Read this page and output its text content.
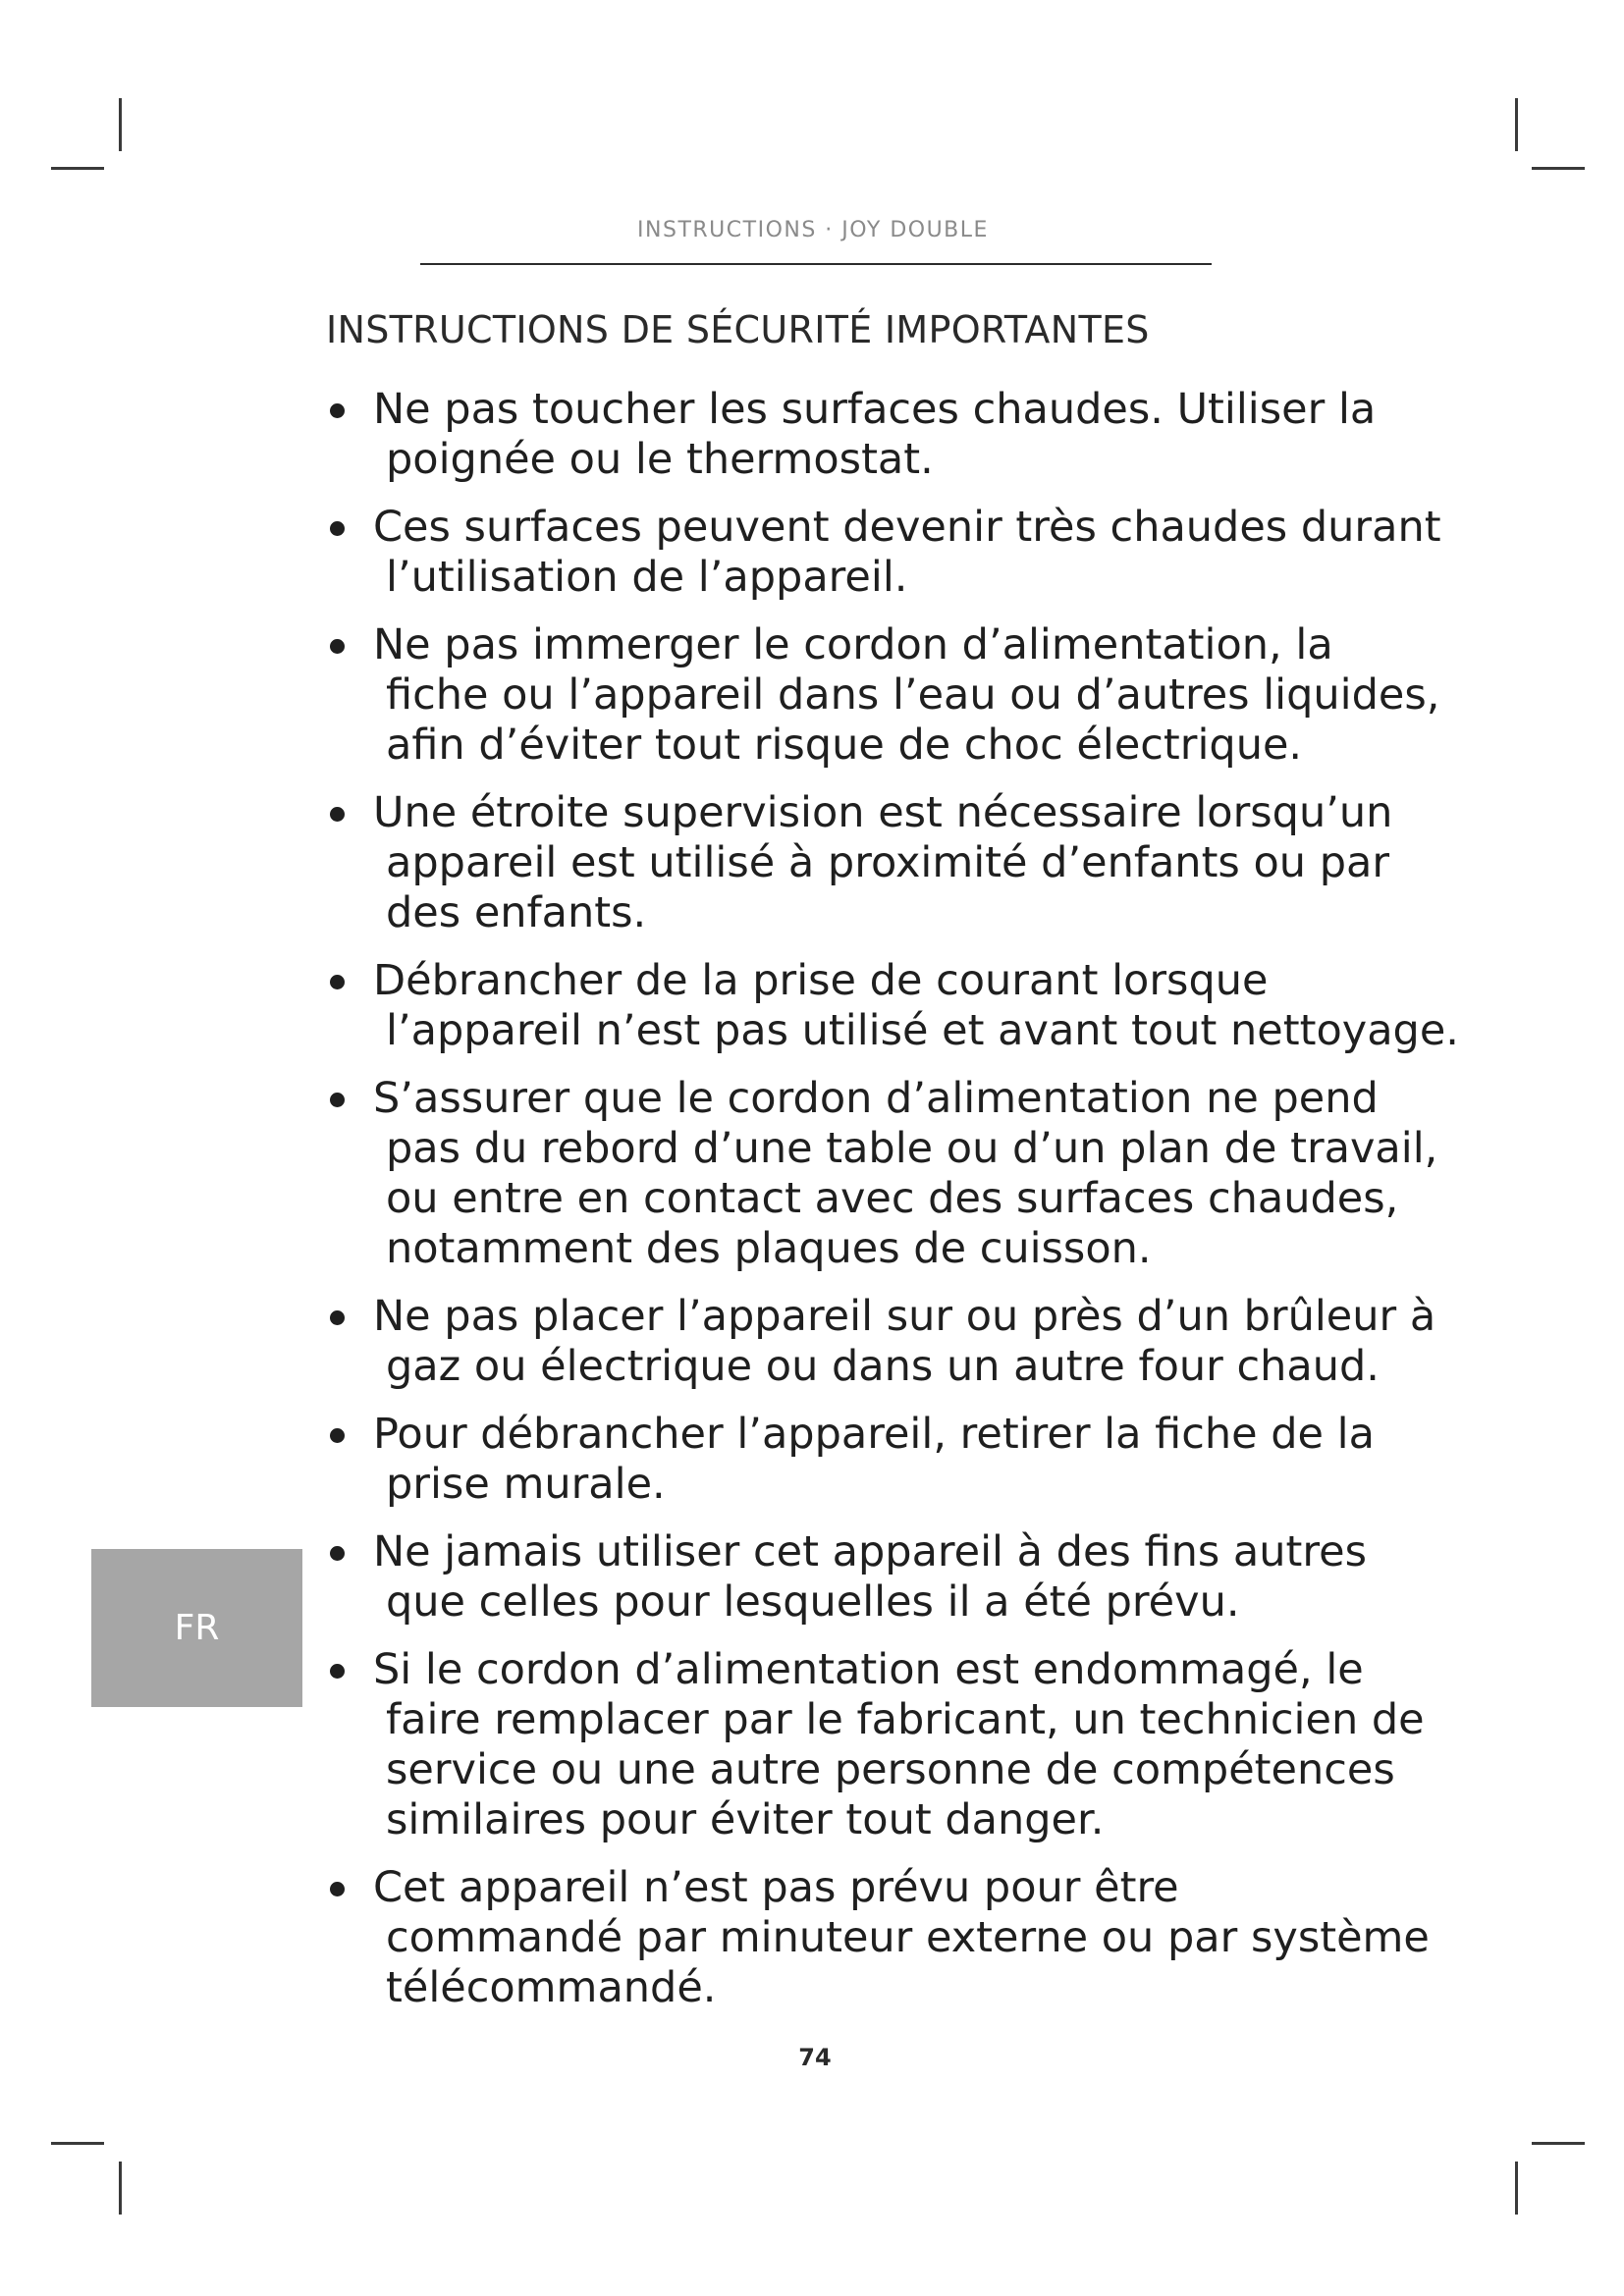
INSTRUCTIONS · JOY DOUBLE
INSTRUCTIONS DE SÉCURITÉ IMPORTANTES
Ne pas toucher les surfaces chaudes. Utiliser la
poignée ou le thermostat.
Ces surfaces peuvent devenir très chaudes durant
l’utilisation de l’appareil.
Ne pas immerger le cordon d’alimentation, la
fiche ou l’appareil dans l’eau ou d’autres liquides,
afin d’éviter tout risque de choc électrique.
Une étroite supervision est nécessaire lorsqu’un
appareil est utilisé à proximité d’enfants ou par
des enfants.
Débrancher de la prise de courant lorsque
l’appareil n’est pas utilisé et avant tout nettoyage.
S’assurer que le cordon d’alimentation ne pend
pas du rebord d’une table ou d’un plan de travail,
ou entre en contact avec des surfaces chaudes,
notamment des plaques de cuisson.
Ne pas placer l’appareil sur ou près d’un brûleur à
gaz ou électrique ou dans un autre four chaud.
Pour débrancher l’appareil, retirer la fiche de la
prise murale.
Ne jamais utiliser cet appareil à des fins autres
que celles pour lesquelles il a été prévu.
Si le cordon d’alimentation est endommagé, le
faire remplacer par le fabricant, un technicien de
service ou une autre personne de compétences
similaires pour éviter tout danger.
Cet appareil n’est pas prévu pour être
commandé par minuteur externe ou par système
télécommandé.
FR
74
